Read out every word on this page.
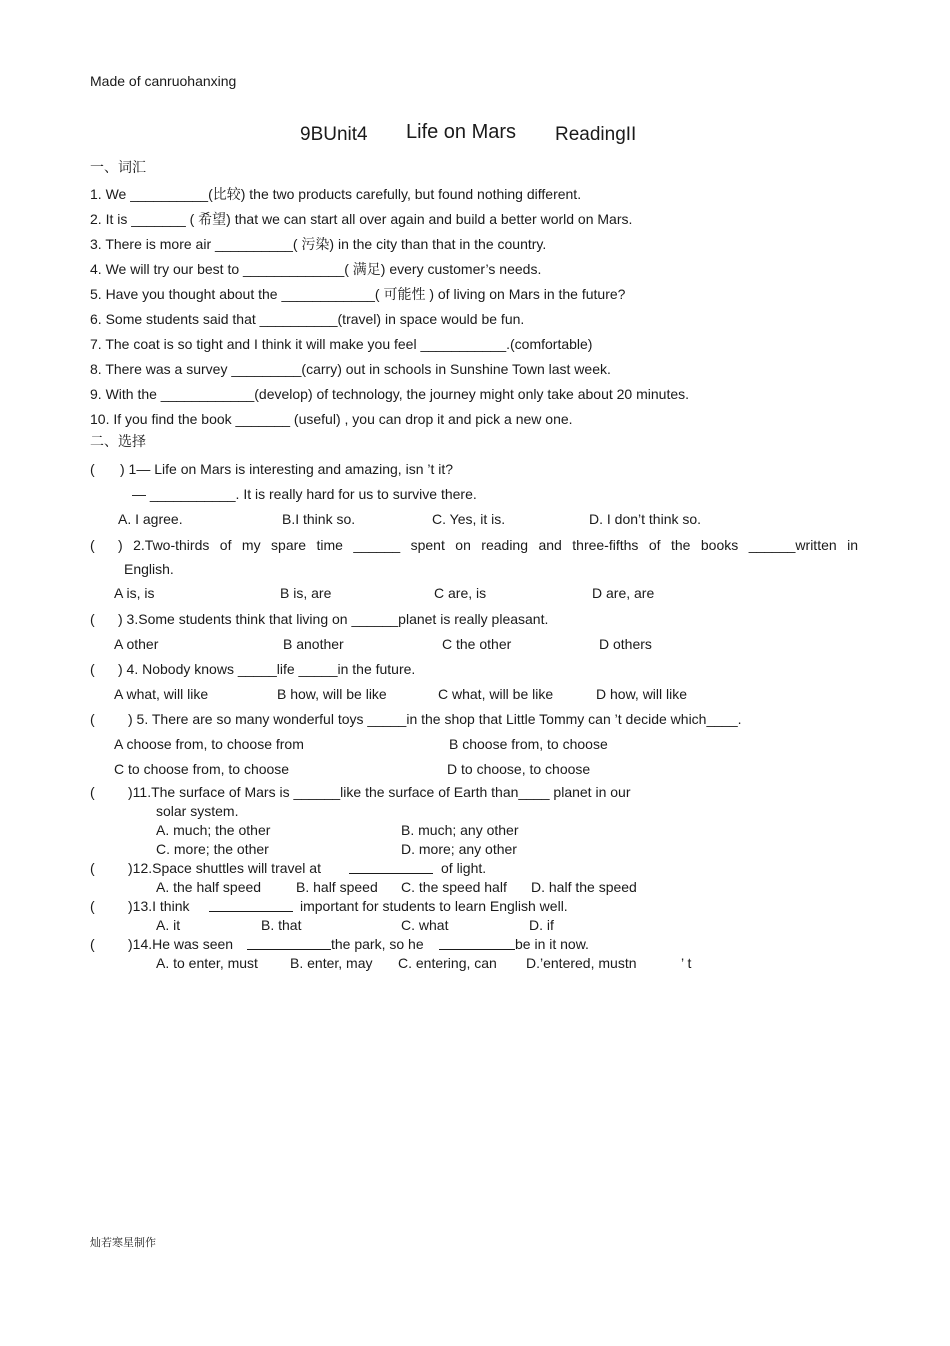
Made of canruohanxing
9BUnit4 Life on Mars ReadingII
一、词汇
1. We __________(比较) the two products carefully, but found nothing different.
2. It is _______ ( 希望) that we can start all over again and build a better world on Mars.
3. There is more air __________( 污染) in the city than that in the country.
4. We will try our best to _____________( 满足) every customer’s needs.
5. Have you thought about the ____________( 可能性 ) of living on Mars in the future?
6. Some students said that __________(travel) in space would be fun.
7. The coat is so tight and I think it will make you feel ___________.(comfortable)
8. There was a survey _________(carry) out in schools in Sunshine Town last week.
9. With the ____________(develop) of technology, the journey might only take about 20 minutes.
10. If you find the book _______ (useful) , you can drop it and pick a new one.
二、选择
( ) 1— Life on Mars is interesting and amazing, isn ’t it?
— ___________. It is really hard for us to survive there.
A. I agree.	B.I think so.	C. Yes, it is.	D. I don’t think so.
( ) 2.Two-thirds of my spare time ______ spent on reading and three-fifths of the books ______written in
English.
A is, is	B is, are	C are, is	D are, are
( ) 3.Some students think that living on ______planet is really pleasant.
A other	B another	C the other	D others
( ) 4. Nobody knows _____life _____in the future.
A what, will like	B how, will be like	C what, will be like	D how, will like
( ) 5. There are so many wonderful toys _____in the shop that Little Tommy can ’t decide which____.
A choose from, to choose from	B choose from, to choose
C to choose from, to choose	D to choose, to choose
( )11.The surface of Mars is ______like the surface of Earth than____ planet in our
solar system.
A. much; the other	B. much; any other
C. more; the other	D. more; any other
( )12.Space shuttles will travel at	of light.
A. the half speed B. half speed C. the speed half D. half the speed
( )13.I think	important for students to learn English well.
A. it	B. that	C. what	D. if
( )14.He was seen	the park, so he	be in it now.
A. to enter, must B. enter, may C. entering, can D.’entered, mustn	’ t
灿若寒星制作
